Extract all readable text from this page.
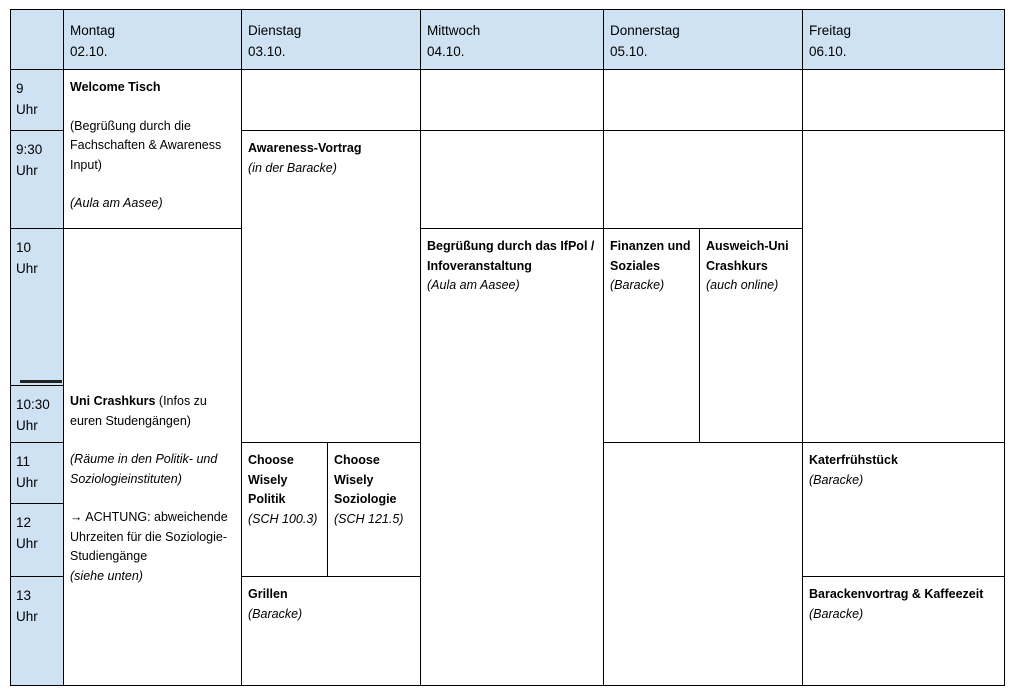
Montag
02.10.
Dienstag
03.10.
Mittwoch
04.10.
Donnerstag
05.10.
Freitag
06.10.
9
Uhr
9:30
Uhr
10
Uhr
10:30
Uhr
11
Uhr
12
Uhr
13
Uhr
Welcome Tisch
(Begrüßung durch die Fachschaften & Awareness Input)
(Aula am Aasee)
Uni Crashkurs (Infos zu euren Studengängen)
(Räume in den Politik- und Soziologieinstituten)
→ ACHTUNG: abweichende Uhrzeiten für die Soziologie-Studiengänge
(siehe unten)
Awareness-Vortrag
(in der Baracke)
Choose Wisely Politik
(SCH 100.3)
Choose Wisely Soziologie
(SCH 121.5)
Grillen
(Baracke)
Begrüßung durch das IfPol / Infoveranstaltung
(Aula am Aasee)
Finanzen und Soziales
(Baracke)
Ausweich-Uni Crashkurs
(auch online)
Katerfrühstück
(Baracke)
Barackenvortrag & Kaffeezeit
(Baracke)
